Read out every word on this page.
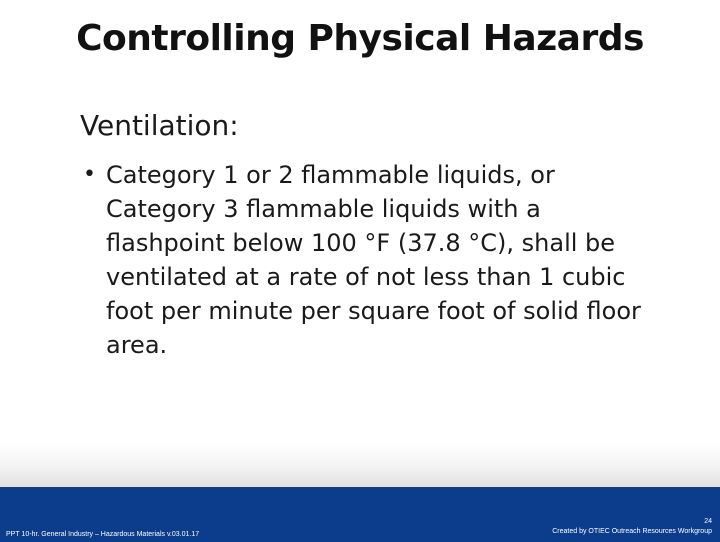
Controlling Physical Hazards

Ventilation:

• Category 1 or 2 flammable liquids, or Category 3 flammable liquids with a flashpoint below 100 °F (37.8 °C), shall be ventilated at a rate of not less than 1 cubic foot per minute per square foot of solid floor area.
PPT 10-hr. General Industry – Hazardous Materials v.03.01.17
24
Created by OTIEC Outreach Resources Workgroup
